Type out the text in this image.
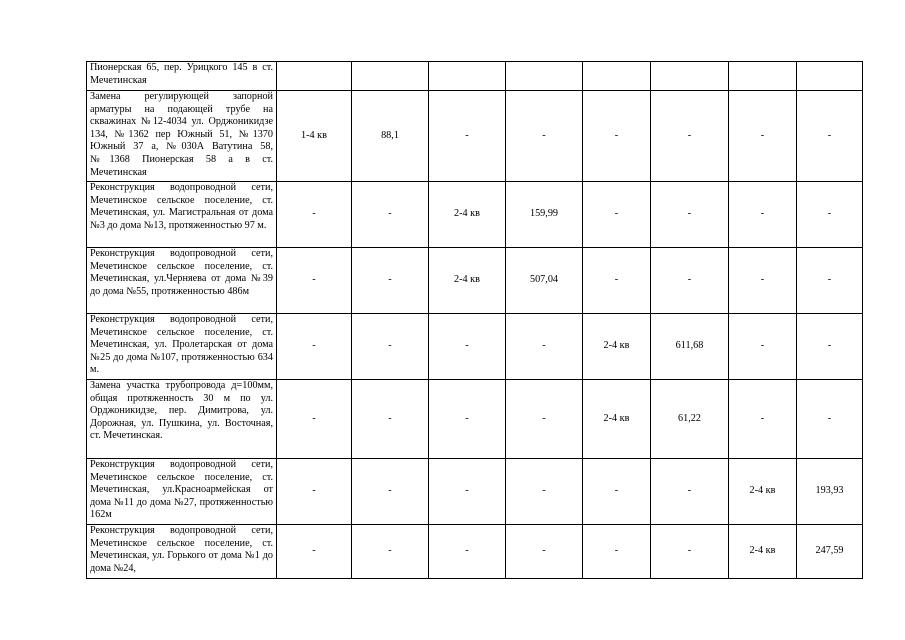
Пионерская 65, пер. Урицкого 145 в ст. Мечетинская								
Замена регулирующей запорной арматуры на подающей трубе на скважинах №12-4034 ул. Орджоникидзе 134, №1362 пер Южный 51, №1370 Южный 37 а, №030А Ватутина 58, №1368 Пионерская 58 а в ст. Мечетинская	1-4 кв	88,1	-	-	-	-	-	-
Реконструкция водопроводной сети, Мечетинское сельское поселение, ст. Мечетинская, ул. Магистральная от дома №3 до дома №13, протяженностью 97 м.	-	-	2-4 кв	159,99	-	-	-	-
Реконструкция водопроводной сети, Мечетинское сельское поселение, ст. Мечетинская, ул.Черняева от дома №39 до дома №55, протяженностью 486м	-	-	2-4 кв	507,04	-	-	-	-
Реконструкция водопроводной сети, Мечетинское сельское поселение, ст. Мечетинская, ул. Пролетарская от дома №25 до дома №107, протяженностью 634 м.	-	-	-	-	2-4 кв	611,68	-	-
Замена участка трубопровода д=100мм, общая протяженность 30 м по ул. Орджоникидзе, пер. Димитрова, ул. Дорожная, ул. Пушкина, ул. Восточная, ст. Мечетинская.	-	-	-	-	2-4 кв	61,22	-	-
Реконструкция водопроводной сети, Мечетинское сельское поселение, ст. Мечетинская, ул.Красноармейская от дома №11 до дома №27, протяженностью 162м	-	-	-	-	-	-	2-4 кв	193,93
Реконструкция водопроводной сети, Мечетинское сельское поселение, ст. Мечетинская, ул. Горького от дома №1 до дома №24,	-	-	-	-	-	-	2-4 кв	247,59
